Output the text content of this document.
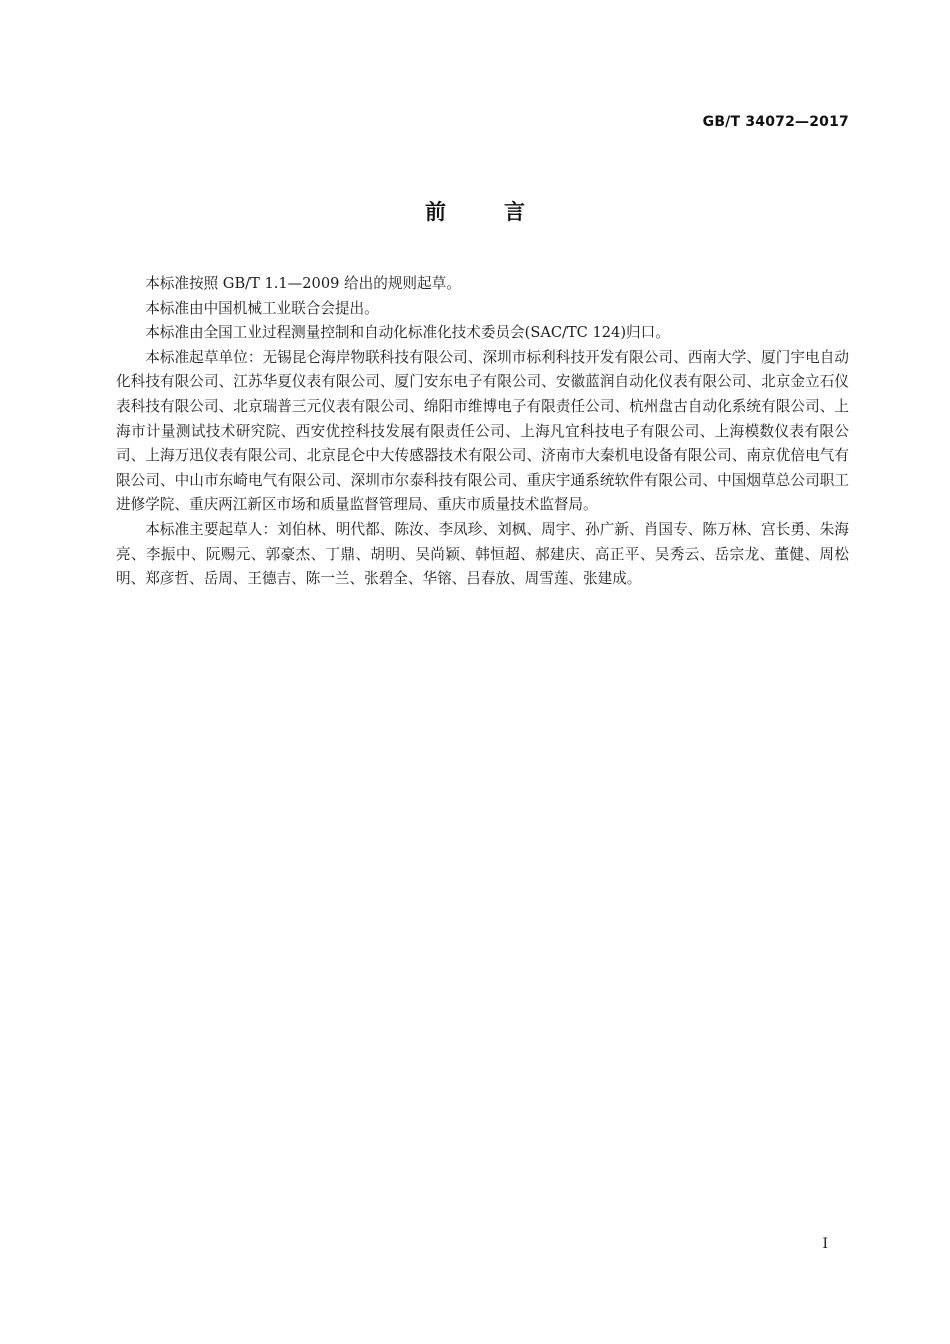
GB/T 34072—2017
前言

本标准按照 GB/T 1.1—2009 给出的规则起草。

本标准由中国机械工业联合会提出。

本标准由全国工业过程测量控制和自动化标准化技术委员会(SAC/TC 124)归口。

本标准起草单位：无锡昆仑海岸物联科技有限公司、深圳市标利科技开发有限公司、西南大学、厦门宇电自动化科技有限公司、江苏华夏仪表有限公司、厦门安东电子有限公司、安徽蓝润自动化仪表有限公司、北京金立石仪表科技有限公司、北京瑞普三元仪表有限公司、绵阳市维博电子有限责任公司、杭州盘古自动化系统有限公司、上海市计量测试技术研究院、西安优控科技发展有限责任公司、上海凡宜科技电子有限公司、上海模数仪表有限公司、上海万迅仪表有限公司、北京昆仑中大传感器技术有限公司、济南市大秦机电设备有限公司、南京优倍电气有限公司、中山市东崎电气有限公司、深圳市尔泰科技有限公司、重庆宇通系统软件有限公司、中国烟草总公司职工进修学院、重庆两江新区市场和质量监督管理局、重庆市质量技术监督局。

本标准主要起草人：刘伯林、明代都、陈汝、李凤珍、刘枫、周宇、孙广新、肖国专、陈万林、宫长勇、朱海亮、李振中、阮赐元、郭豪杰、丁鼎、胡明、吴尚颖、韩恒超、郝建庆、高正平、吴秀云、岳宗龙、董健、周松明、郑彦哲、岳周、王德吉、陈一兰、张碧全、华镕、吕春放、周雪莲、张建成。

I
